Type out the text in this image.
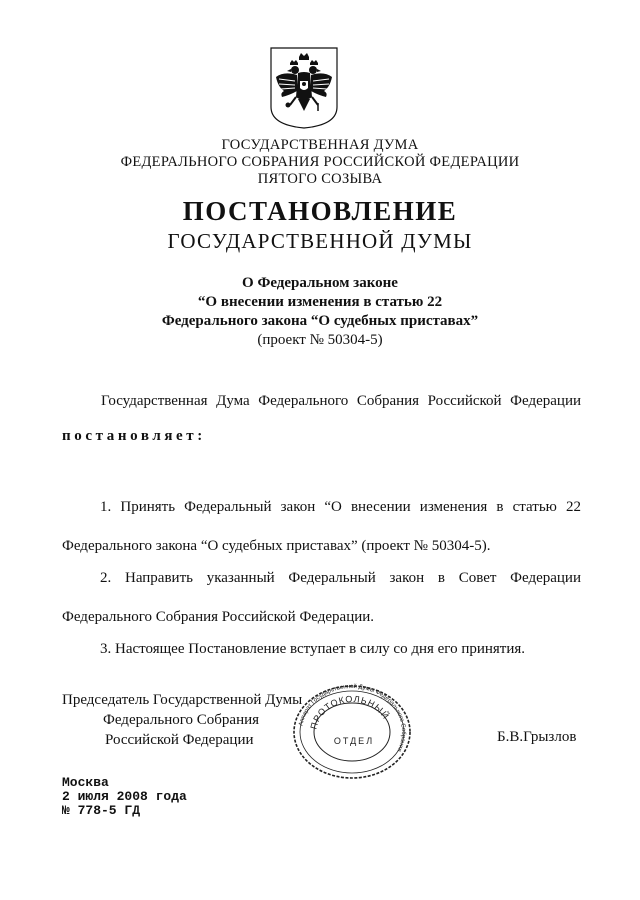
ГОСУДАРСТВЕННАЯ ДУМА
ФЕДЕРАЛЬНОГО СОБРАНИЯ РОССИЙСКОЙ ФЕДЕРАЦИИ
ПЯТОГО СОЗЫВА
ПОСТАНОВЛЕНИЕ
ГОСУДАРСТВЕННОЙ ДУМЫ
О Федеральном законе
“О внесении изменения в статью 22
Федерального закона “О судебных приставах”
(проект № 50304-5)
Государственная Дума Федерального Собрания Российской Федерации
постановляет:
1. Принять Федеральный закон “О внесении изменения в статью 22
Федерального закона “О судебных приставах” (проект № 50304-5).
2. Направить указанный Федеральный закон в Совет Федерации
Федерального Собрания Российской Федерации.
3. Настоящее Постановление вступает в силу со дня его принятия.
Председатель Государственной Думы
Федерального Собрания
Российской Федерации	Б.В.Грызлов
Аппарат Государственной Думы Федерального Собрания
ПРОТОКОЛЬНЫЙ
ОТДЕЛ
Москва
2 июля 2008 года
№ 778-5 ГД
